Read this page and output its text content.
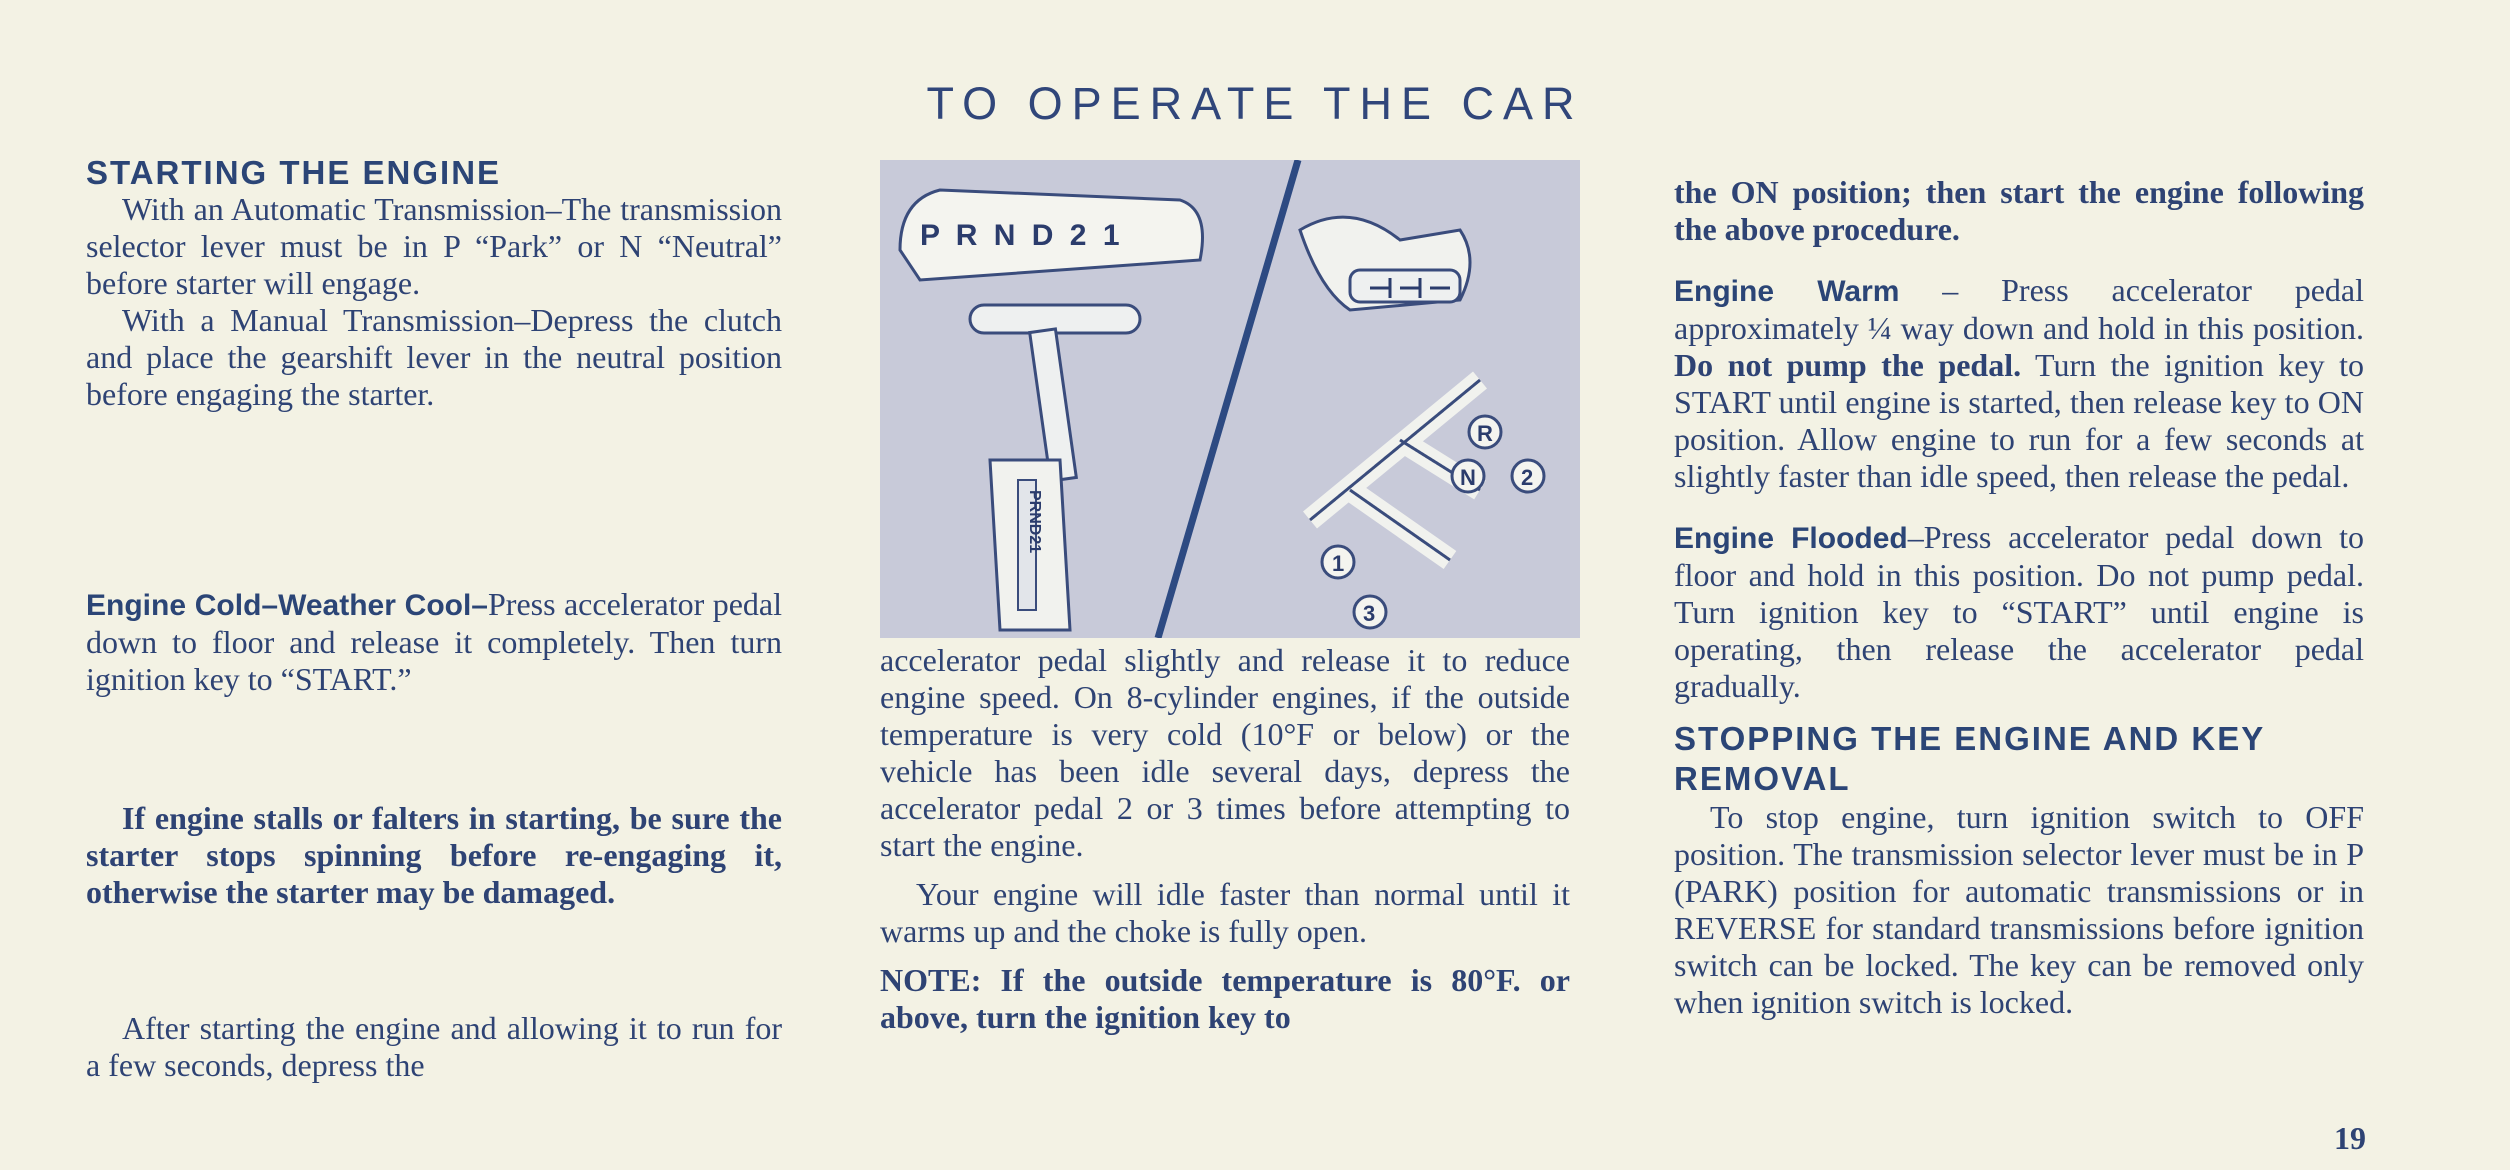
TO OPERATE THE CAR
STARTING THE ENGINE

With an Automatic Transmission–The transmission selector lever must be in P “Park” or N “Neutral” before starter will engage.

With a Manual Transmission–Depress the clutch and place the gearshift lever in the neutral position before engaging the starter.

Engine Cold–Weather Cool–Press accelerator pedal down to floor and release it completely. Then turn ignition key to “START.”

If engine stalls or falters in starting, be sure the starter stops spinning before re-engaging it, otherwise the starter may be damaged.

After starting the engine and allowing it to run for a few seconds, depress the

P R N D 2 1
PRND21
R
N 2
1
3

accelerator pedal slightly and release it to reduce engine speed. On 8-cylinder engines, if the outside temperature is very cold (10°F or below) or the vehicle has been idle several days, depress the accelerator pedal 2 or 3 times before attempting to start the engine.

Your engine will idle faster than normal until it warms up and the choke is fully open.

NOTE: If the outside temperature is 80°F. or above, turn the ignition key to

the ON position; then start the engine following the above procedure.

Engine Warm – Press accelerator pedal approximately ¼ way down and hold in this position. Do not pump the pedal. Turn the ignition key to START until engine is started, then release key to ON position. Allow engine to run for a few seconds at slightly faster than idle speed, then release the pedal.

Engine Flooded–Press accelerator pedal down to floor and hold in this position. Do not pump pedal. Turn ignition key to “START” until engine is operating, then release the accelerator pedal gradually.

STOPPING THE ENGINE AND KEY REMOVAL

To stop engine, turn ignition switch to OFF position. The transmission selector lever must be in P (PARK) position for automatic transmissions or in REVERSE for standard transmissions before ignition switch can be locked. The key can be removed only when ignition switch is locked.

19
